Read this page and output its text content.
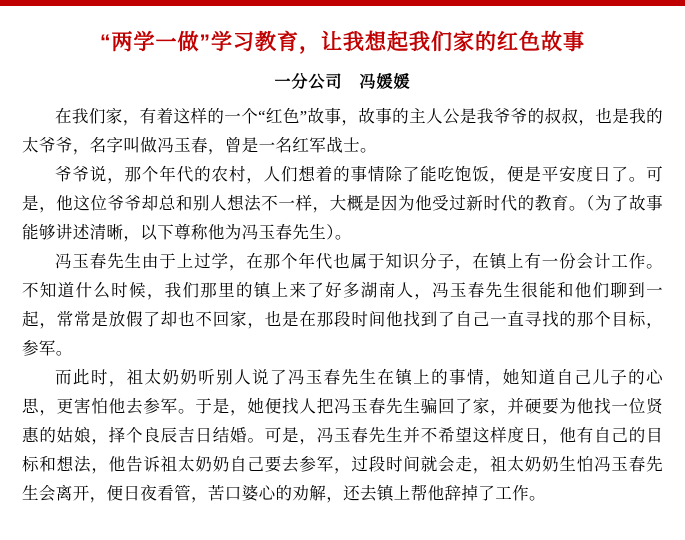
“两学一做”学习教育，让我想起我们家的红色故事
一分公司　冯媛媛

在我们家，有着这样的一个“红色”故事，故事的主人公是我爷爷的叔叔，也是我的太爷爷，名字叫做冯玉春，曾是一名红军战士。

爷爷说，那个年代的农村，人们想着的事情除了能吃饱饭，便是平安度日了。可是，他这位爷爷却总和别人想法不一样，大概是因为他受过新时代的教育。（为了故事能够讲述清晰，以下尊称他为冯玉春先生）。

冯玉春先生由于上过学，在那个年代也属于知识分子，在镇上有一份会计工作。不知道什么时候，我们那里的镇上来了好多湖南人，冯玉春先生很能和他们聊到一起，常常是放假了却也不回家，也是在那段时间他找到了自己一直寻找的那个目标，参军。

而此时，祖太奶奶听别人说了冯玉春先生在镇上的事情，她知道自己儿子的心思，更害怕他去参军。于是，她便找人把冯玉春先生骗回了家，并硬要为他找一位贤惠的姑娘，择个良辰吉日结婚。可是，冯玉春先生并不希望这样度日，他有自己的目标和想法，他告诉祖太奶奶自己要去参军，过段时间就会走，祖太奶奶生怕冯玉春先生会离开，便日夜看管，苦口婆心的劝解，还去镇上帮他辞掉了工作。
